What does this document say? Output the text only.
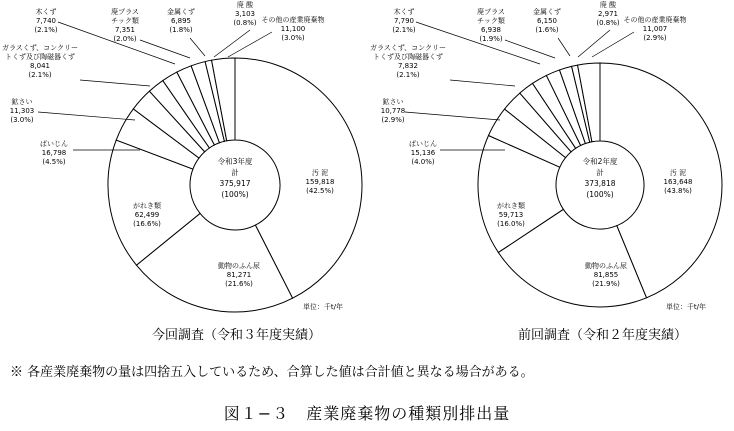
令和3年度
計
375,917
(100%)
汚 泥
159,818
(42.5%)
動物のふん尿
81,271
(21.6%)
がれき類
62,499
(16.6%)
ばいじん
16,798
(4.5%)
鉱さい
11,303
(3.0%)
ガラスくず、コンクリー
トくず及び陶磁器くず
8,041
(2.1%)
木くず
7,740
(2.1%)
廃プラス
チック類
7,351
(2.0%)
金属くず
6,895
(1.8%)
廃 酸
3,103
(0.8%) その他の産業廃棄物
11,100
(3.0%)
単位：千t/年
令和2年度
計
373,818
(100%)
汚 泥
163,648
(43.8%)
動物のふん尿
81,855
(21.9%)
がれき類
59,713
(16.0%)
ばいじん
15,136
(4.0%)
鉱さい
10,778
(2.9%)
ガラスくず、コンクリー
トくず及び陶磁器くず
7,832
(2.1%)
木くず
7,790
(2.1%)
廃プラス
チック類
6,938
(1.9%)
金属くず
6,150
(1.6%)
廃 酸
2,971
(0.8%) その他の産業廃棄物
11,007
(2.9%)
単位：千t/年
今回調査（令和３年度実績）	前回調査（令和２年度実績）
※ 各産業廃棄物の量は四捨五入しているため、合算した値は合計値と異なる場合がある。
図１−３　産業廃棄物の種類別排出量
